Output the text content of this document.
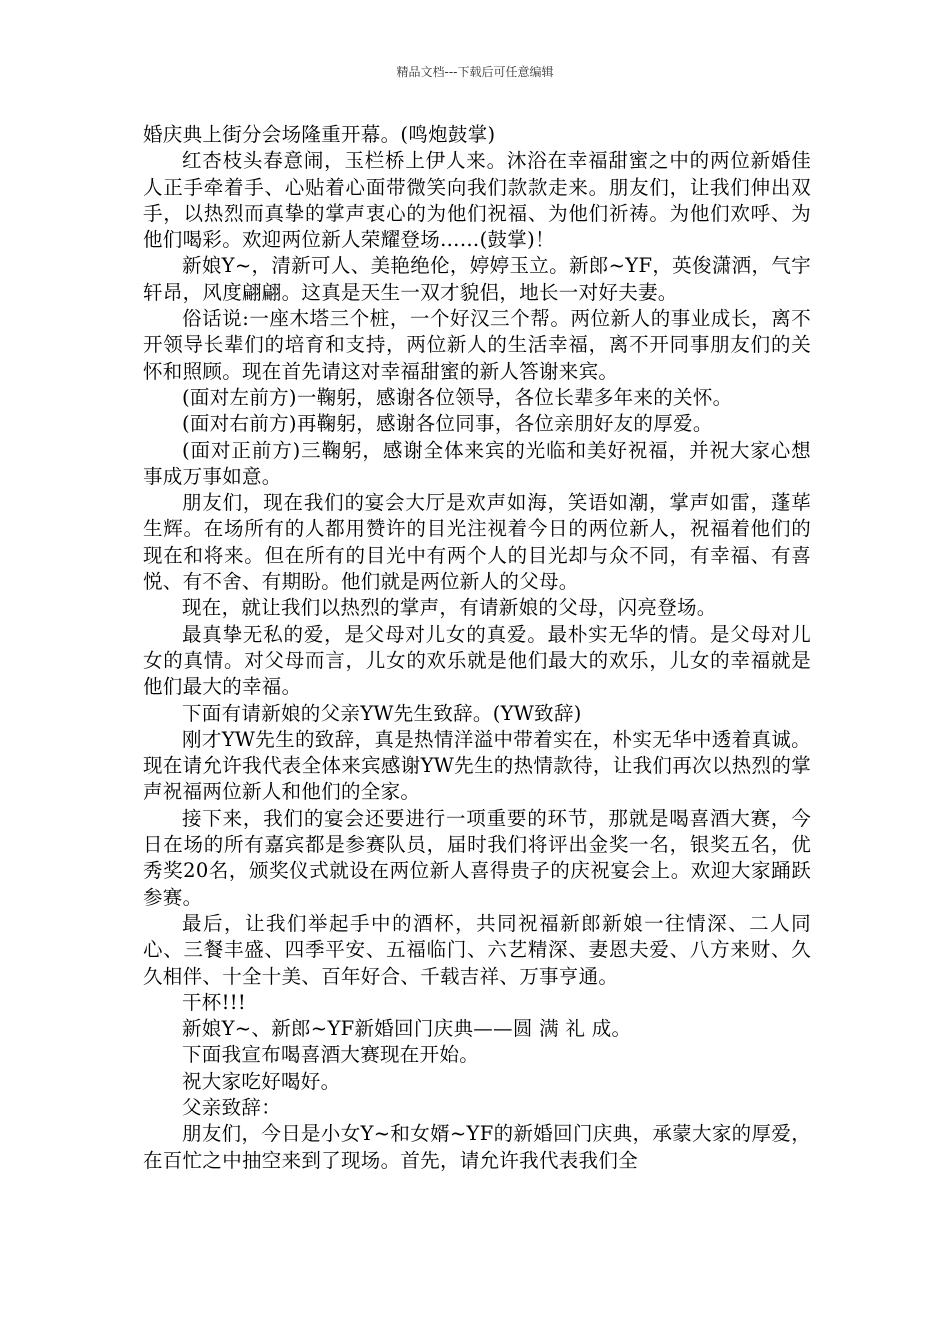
精品文档---下载后可任意编辑

婚庆典上街分会场隆重开幕。(鸣炮鼓掌)

红杏枝头春意闹，玉栏桥上伊人来。沐浴在幸福甜蜜之中的两位新婚佳人正手牵着手、心贴着心面带微笑向我们款款走来。朋友们，让我们伸出双手，以热烈而真挚的掌声衷心的为他们祝福、为他们祈祷。为他们欢呼、为他们喝彩。欢迎两位新人荣耀登场……(鼓掌)！

新娘Y~，清新可人、美艳绝伦，婷婷玉立。新郎~YF，英俊潇洒，气宇轩昂，风度翩翩。这真是天生一双才貌侣，地长一对好夫妻。

俗话说:一座木塔三个桩，一个好汉三个帮。两位新人的事业成长，离不开领导长辈们的培育和支持，两位新人的生活幸福，离不开同事朋友们的关怀和照顾。现在首先请这对幸福甜蜜的新人答谢来宾。

(面对左前方)一鞠躬，感谢各位领导，各位长辈多年来的关怀。

(面对右前方)再鞠躬，感谢各位同事，各位亲朋好友的厚爱。

(面对正前方)三鞠躬，感谢全体来宾的光临和美好祝福，并祝大家心想事成万事如意。

朋友们，现在我们的宴会大厅是欢声如海，笑语如潮，掌声如雷，蓬荜生辉。在场所有的人都用赞许的目光注视着今日的两位新人，祝福着他们的现在和将来。但在所有的目光中有两个人的目光却与众不同，有幸福、有喜悦、有不舍、有期盼。他们就是两位新人的父母。

现在，就让我们以热烈的掌声，有请新娘的父母，闪亮登场。

最真挚无私的爱，是父母对儿女的真爱。最朴实无华的情。是父母对儿女的真情。对父母而言，儿女的欢乐就是他们最大的欢乐，儿女的幸福就是他们最大的幸福。

下面有请新娘的父亲YW先生致辞。(YW致辞)

刚才YW先生的致辞，真是热情洋溢中带着实在，朴实无华中透着真诚。现在请允许我代表全体来宾感谢YW先生的热情款待，让我们再次以热烈的掌声祝福两位新人和他们的全家。

接下来，我们的宴会还要进行一项重要的环节，那就是喝喜酒大赛，今日在场的所有嘉宾都是参赛队员，届时我们将评出金奖一名，银奖五名，优秀奖20名，颁奖仪式就设在两位新人喜得贵子的庆祝宴会上。欢迎大家踊跃参赛。

最后，让我们举起手中的酒杯，共同祝福新郎新娘一往情深、二人同心、三餐丰盛、四季平安、五福临门、六艺精深、妻恩夫爱、八方来财、久久相伴、十全十美、百年好合、千载吉祥、万事亨通。

干杯!!!

新娘Y~、新郎~YF新婚回门庆典——圆 满 礼 成。

下面我宣布喝喜酒大赛现在开始。

祝大家吃好喝好。

父亲致辞：

朋友们，今日是小女Y~和女婿~YF的新婚回门庆典，承蒙大家的厚爱，在百忙之中抽空来到了现场。首先，请允许我代表我们全
